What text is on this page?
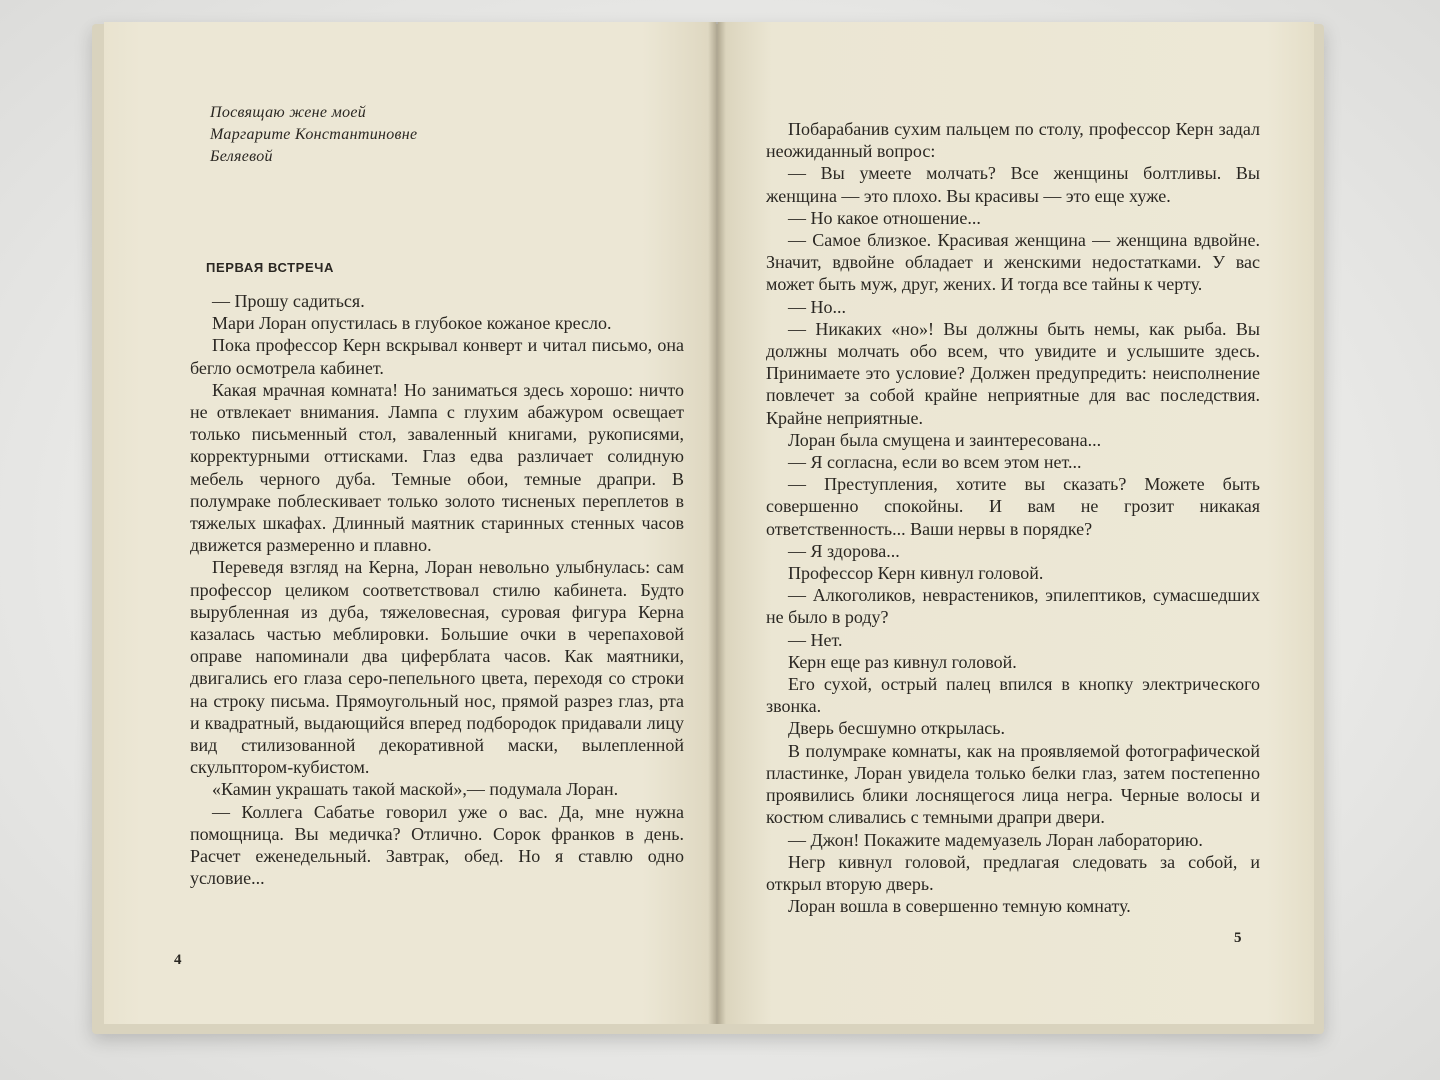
Посвящаю жене моей
Маргарите Константиновне
Беляевой
ПЕРВАЯ ВСТРЕЧА

— Прошу садиться.

Мари Лоран опустилась в глубокое кожаное кресло.

Пока профессор Керн вскрывал конверт и читал письмо, она бегло осмотрела кабинет.

Какая мрачная комната! Но заниматься здесь хорошо: ничто не отвлекает внимания. Лампа с глухим абажуром освещает только письменный стол, заваленный книгами, рукописями, корректурными оттисками. Глаз едва различает солидную мебель черного дуба. Темные обои, темные драпри. В полумраке поблескивает только золото тисненых переплетов в тяжелых шкафах. Длинный маятник старинных стенных часов движется размеренно и плавно.

Переведя взгляд на Керна, Лоран невольно улыбнулась: сам профессор целиком соответствовал стилю кабинета. Будто вырубленная из дуба, тяжеловесная, суровая фигура Керна казалась частью меблировки. Большие очки в черепаховой оправе напоминали два циферблата часов. Как маятники, двигались его глаза серо-пепельного цвета, переходя со строки на строку письма. Прямоугольный нос, прямой разрез глаз, рта и квадратный, выдающийся вперед подбородок придавали лицу вид стилизованной декоративной маски, вылепленной скульптором-кубистом.

«Камин украшать такой маской»,— подумала Лоран.

— Коллега Сабатье говорил уже о вас. Да, мне нужна помощница. Вы медичка? Отлично. Сорок франков в день. Расчет еженедельный. Завтрак, обед. Но я ставлю одно условие...

4

Побарабанив сухим пальцем по столу, профессор Керн задал неожиданный вопрос:

— Вы умеете молчать? Все женщины болтливы. Вы женщина — это плохо. Вы красивы — это еще хуже.

— Но какое отношение...

— Самое близкое. Красивая женщина — женщина вдвойне. Значит, вдвойне обладает и женскими недостатками. У вас может быть муж, друг, жених. И тогда все тайны к черту.

— Но...

— Никаких «но»! Вы должны быть немы, как рыба. Вы должны молчать обо всем, что увидите и услышите здесь. Принимаете это условие? Должен предупредить: неисполнение повлечет за собой крайне неприятные для вас последствия. Крайне неприятные.

Лоран была смущена и заинтересована...

— Я согласна, если во всем этом нет...

— Преступления, хотите вы сказать? Можете быть совершенно спокойны. И вам не грозит никакая ответственность... Ваши нервы в порядке?

— Я здорова...

Профессор Керн кивнул головой.

— Алкоголиков, неврастеников, эпилептиков, сумасшедших не было в роду?

— Нет.

Керн еще раз кивнул головой.

Его сухой, острый палец впился в кнопку электрического звонка.

Дверь бесшумно открылась.

В полумраке комнаты, как на проявляемой фотографической пластинке, Лоран увидела только белки глаз, затем постепенно проявились блики лоснящегося лица негра. Черные волосы и костюм сливались с темными драпри двери.

— Джон! Покажите мадемуазель Лоран лабораторию.

Негр кивнул головой, предлагая следовать за собой, и открыл вторую дверь.

Лоран вошла в совершенно темную комнату.

5
